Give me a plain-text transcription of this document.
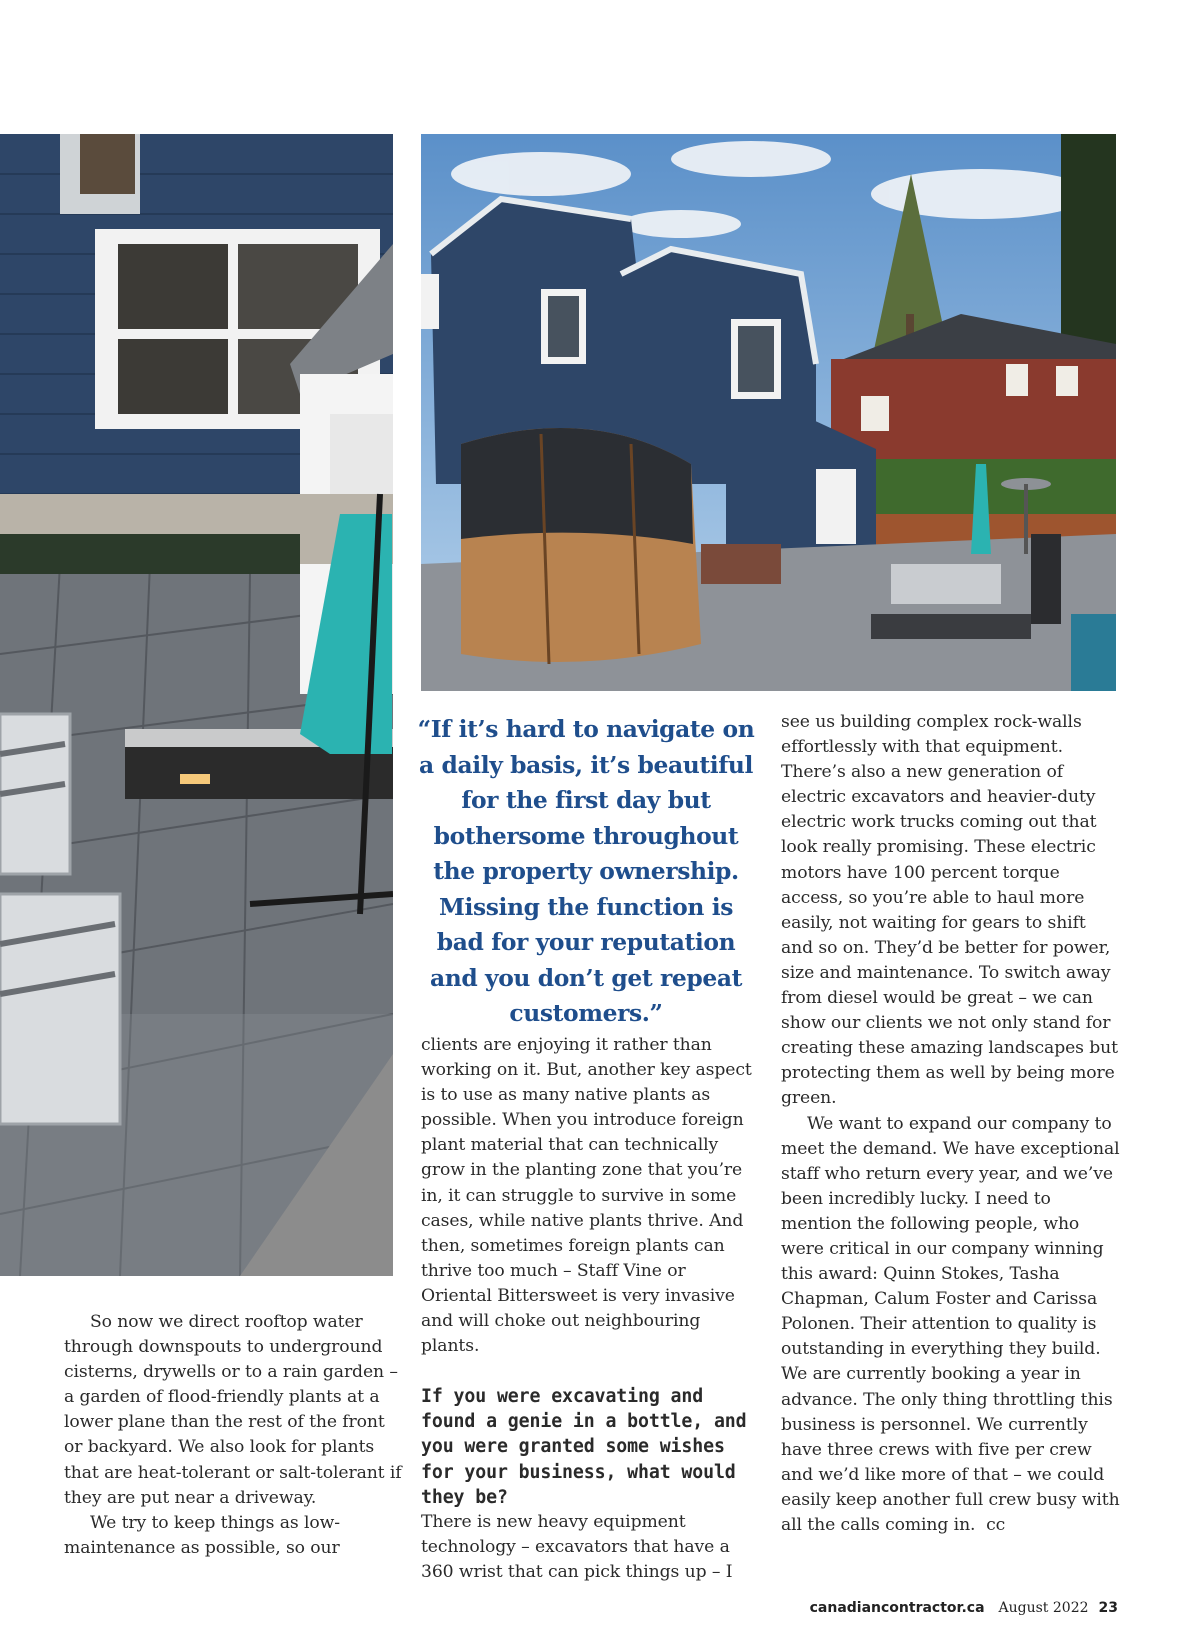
“If it’s hard to navigate on a daily basis, it’s beautiful for the first day but bothersome throughout the property ownership. Missing the function is bad for your reputation and you don’t get repeat customers.”

So now we direct rooftop water through downspouts to underground cisterns, drywells or to a rain garden – a garden of flood-friendly plants at a lower plane than the rest of the front or backyard. We also look for plants that are heat-tolerant or salt-tolerant if they are put near a driveway.

We try to keep things as low-maintenance as possible, so our

clients are enjoying it rather than working on it. But, another key aspect is to use as many native plants as possible. When you introduce foreign plant material that can technically grow in the planting zone that you’re in, it can struggle to survive in some cases, while native plants thrive. And then, sometimes foreign plants can thrive too much – Staff Vine or Oriental Bittersweet is very invasive and will choke out neighbouring plants.

If you were excavating and found a genie in a bottle, and you were granted some wishes for your business, what would they be?

There is new heavy equipment technology – excavators that have a 360 wrist that can pick things up – I

see us building complex rock-walls effortlessly with that equipment. There’s also a new generation of electric excavators and heavier-duty electric work trucks coming out that look really promising. These electric motors have 100 percent torque access, so you’re able to haul more easily, not waiting for gears to shift and so on. They’d be better for power, size and maintenance. To switch away from diesel would be great – we can show our clients we not only stand for creating these amazing landscapes but protecting them as well by being more green.

We want to expand our company to meet the demand. We have exceptional staff who return every year, and we’ve been incredibly lucky. I need to mention the following people, who were critical in our company winning this award: Quinn Stokes, Tasha Chapman, Calum Foster and Carissa Polonen. Their attention to quality is outstanding in everything they build. We are currently booking a year in advance. The only thing throttling this business is personnel. We currently have three crews with five per crew and we’d like more of that – we could easily keep another full crew busy with all the calls coming in. cc

canadiancontractor.ca August 2022 23
